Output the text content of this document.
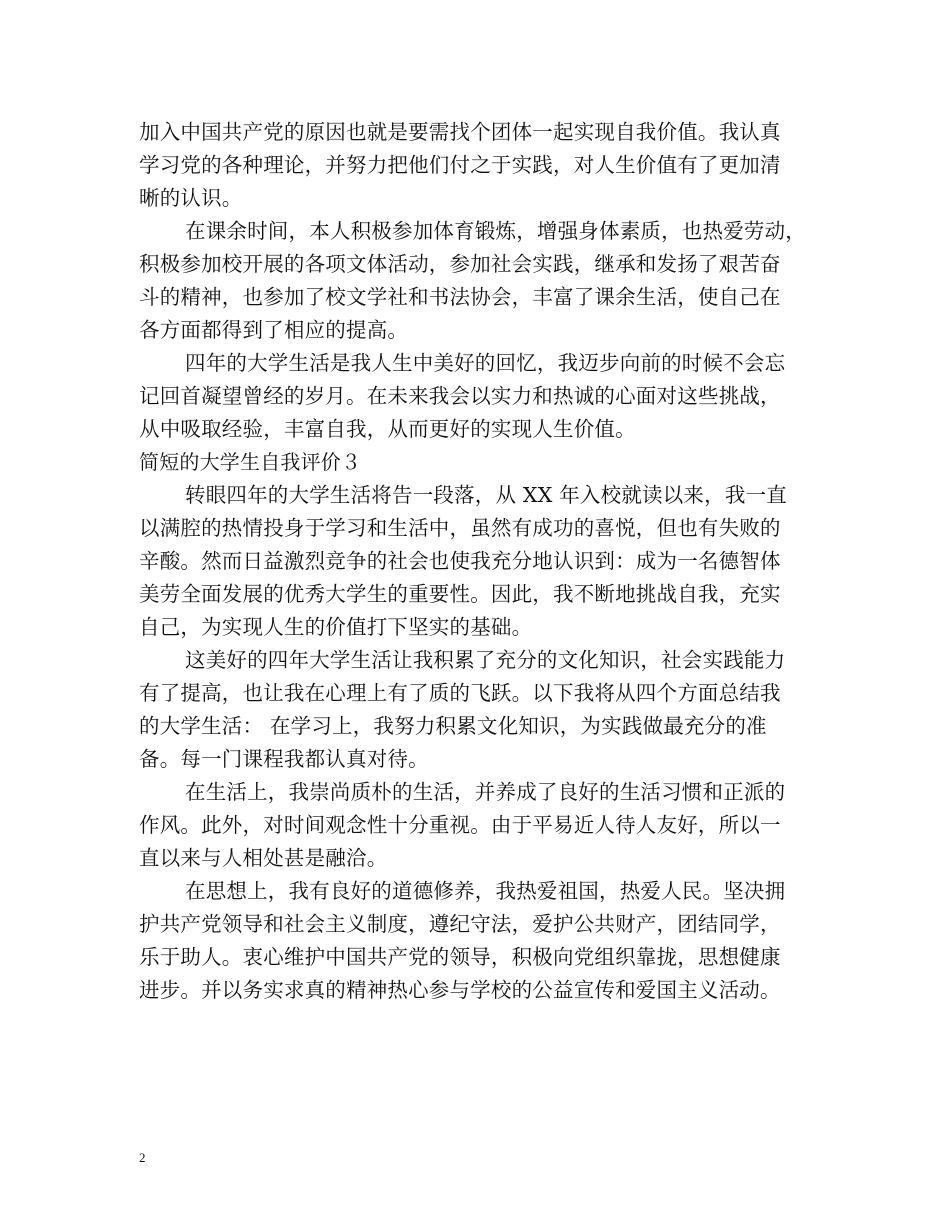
加入中国共产党的原因也就是要需找个团体一起实现自我价值。我认真
学习党的各种理论，并努力把他们付之于实践，对人生价值有了更加清
晰的认识。
在课余时间，本人积极参加体育锻炼，增强身体素质，也热爱劳动，
积极参加校开展的各项文体活动，参加社会实践，继承和发扬了艰苦奋
斗的精神，也参加了校文学社和书法协会，丰富了课余生活，使自己在
各方面都得到了相应的提高。
四年的大学生活是我人生中美好的回忆，我迈步向前的时候不会忘
记回首凝望曾经的岁月。在未来我会以实力和热诚的心面对这些挑战，
从中吸取经验，丰富自我，从而更好的实现人生价值。
简短的大学生自我评价３
转眼四年的大学生活将告一段落，从 XX 年入校就读以来，我一直
以满腔的热情投身于学习和生活中，虽然有成功的喜悦，但也有失败的
辛酸。然而日益激烈竞争的社会也使我充分地认识到：成为一名德智体
美劳全面发展的优秀大学生的重要性。因此，我不断地挑战自我，充实
自己，为实现人生的价值打下坚实的基础。
这美好的四年大学生活让我积累了充分的文化知识，社会实践能力
有了提高，也让我在心理上有了质的飞跃。以下我将从四个方面总结我
的大学生活： 在学习上，我努力积累文化知识，为实践做最充分的准
备。每一门课程我都认真对待。
在生活上，我崇尚质朴的生活，并养成了良好的生活习惯和正派的
作风。此外，对时间观念性十分重视。由于平易近人待人友好，所以一
直以来与人相处甚是融洽。
在思想上，我有良好的道德修养，我热爱祖国，热爱人民。坚决拥
护共产党领导和社会主义制度，遵纪守法，爱护公共财产，团结同学，
乐于助人。衷心维护中国共产党的领导，积极向党组织靠拢，思想健康
进步。并以务实求真的精神热心参与学校的公益宣传和爱国主义活动。
2
